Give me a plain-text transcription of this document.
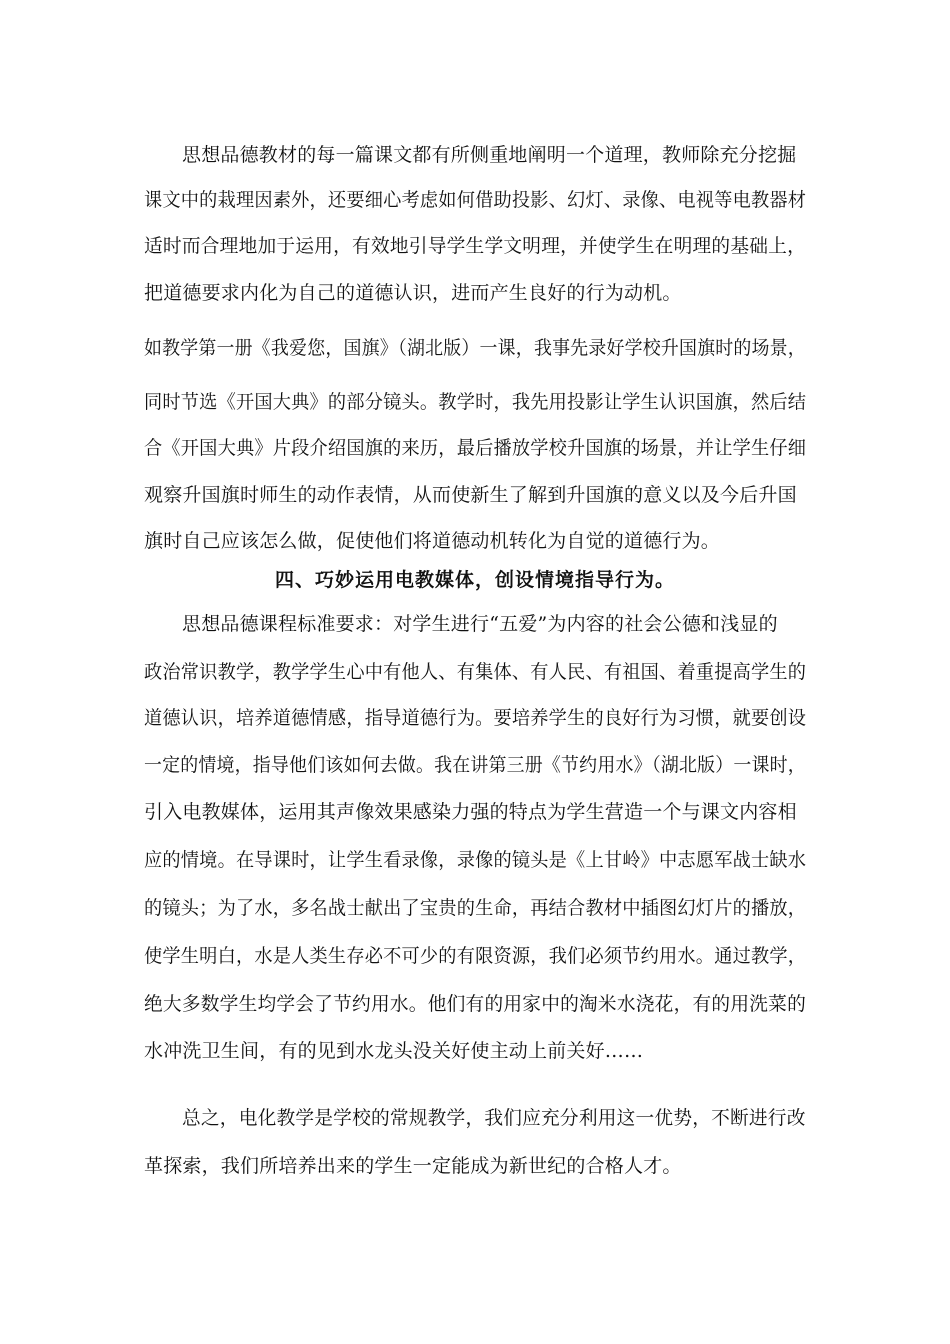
思想品德教材的每一篇课文都有所侧重地阐明一个道理，教师除充分挖掘
课文中的栽理因素外，还要细心考虑如何借助投影、幻灯、录像、电视等电教器材
适时而合理地加于运用，有效地引导学生学文明理，并使学生在明理的基础上，
把道德要求内化为自己的道德认识，进而产生良好的行为动机。
如教学第一册《我爱您，国旗》（湖北版）一课，我事先录好学校升国旗时的场景，
同时节选《开国大典》的部分镜头。教学时，我先用投影让学生认识国旗，然后结
合《开国大典》片段介绍国旗的来历，最后播放学校升国旗的场景，并让学生仔细
观察升国旗时师生的动作表情，从而使新生了解到升国旗的意义以及今后升国
旗时自己应该怎么做，促使他们将道德动机转化为自觉的道德行为。
四、巧妙运用电教媒体，创设情境指导行为。
思想品德课程标准要求：对学生进行“五爱”为内容的社会公德和浅显的
政治常识教学，教学学生心中有他人、有集体、有人民、有祖国、着重提高学生的
道德认识，培养道德情感，指导道德行为。要培养学生的良好行为习惯，就要创设
一定的情境，指导他们该如何去做。我在讲第三册《节约用水》（湖北版）一课时，
引入电教媒体，运用其声像效果感染力强的特点为学生营造一个与课文内容相
应的情境。在导课时，让学生看录像，录像的镜头是《上甘岭》中志愿军战士缺水
的镜头；为了水，多名战士献出了宝贵的生命，再结合教材中插图幻灯片的播放，
使学生明白，水是人类生存必不可少的有限资源，我们必须节约用水。通过教学，
绝大多数学生均学会了节约用水。他们有的用家中的淘米水浇花，有的用洗菜的
水冲洗卫生间，有的见到水龙头没关好使主动上前关好……
总之，电化教学是学校的常规教学，我们应充分利用这一优势，不断进行改
革探索，我们所培养出来的学生一定能成为新世纪的合格人才。
